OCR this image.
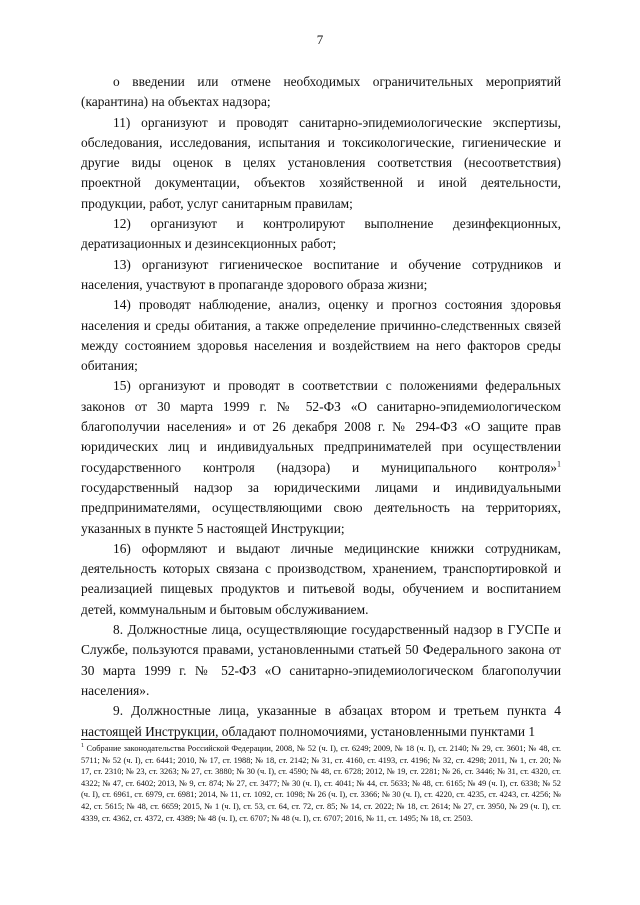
7

о введении или отмене необходимых ограничительных мероприятий (карантина) на объектах надзора;

11) организуют и проводят санитарно-эпидемиологические экспертизы, обследования, исследования, испытания и токсикологические, гигиенические и другие виды оценок в целях установления соответствия (несоответствия) проектной документации, объектов хозяйственной и иной деятельности, продукции, работ, услуг санитарным правилам;

12) организуют и контролируют выполнение дезинфекционных, дератизационных и дезинсекционных работ;

13) организуют гигиеническое воспитание и обучение сотрудников и населения, участвуют в пропаганде здорового образа жизни;

14) проводят наблюдение, анализ, оценку и прогноз состояния здоровья населения и среды обитания, а также определение причинно-следственных связей между состоянием здоровья населения и воздействием на него факторов среды обитания;

15) организуют и проводят в соответствии с положениями федеральных законов от 30 марта 1999 г. № 52-ФЗ «О санитарно-эпидемиологическом благополучии населения» и от 26 декабря 2008 г. № 294-ФЗ «О защите прав юридических лиц и индивидуальных предпринимателей при осуществлении государственного контроля (надзора) и муниципального контроля»$^1$ государственный надзор за юридическими лицами и индивидуальными предпринимателями, осуществляющими свою деятельность на территориях, указанных в пункте 5 настоящей Инструкции;

16) оформляют и выдают личные медицинские книжки сотрудникам, деятельность которых связана с производством, хранением, транспортировкой и реализацией пищевых продуктов и питьевой воды, обучением и воспитанием детей, коммунальным и бытовым обслуживанием.

8. Должностные лица, осуществляющие государственный надзор в ГУСПе и Службе, пользуются правами, установленными статьей 50 Федерального закона от 30 марта 1999 г. № 52-ФЗ «О санитарно-эпидемиологическом благополучии населения».

9. Должностные лица, указанные в абзацах втором и третьем пункта 4 настоящей Инструкции, обладают полномочиями, установленными пунктами 1

$^1$ Собрание законодательства Российской Федерации, 2008, № 52 (ч. I), ст. 6249; 2009, № 18 (ч. I), ст. 2140; № 29, ст. 3601; № 48, ст. 5711; № 52 (ч. I), ст. 6441; 2010, № 17, ст. 1988; № 18, ст. 2142; № 31, ст. 4160, ст. 4193, ст. 4196; № 32, ст. 4298; 2011, № 1, ст. 20; № 17, ст. 2310; № 23, ст. 3263; № 27, ст. 3880; № 30 (ч. I), ст. 4590; № 48, ст. 6728; 2012, № 19, ст. 2281; № 26, ст. 3446; № 31, ст. 4320, ст. 4322; № 47, ст. 6402; 2013, № 9, ст. 874; № 27, ст. 3477; № 30 (ч. I), ст. 4041; № 44, ст. 5633; № 48, ст. 6165; № 49 (ч. I), ст. 6338; № 52 (ч. I), ст. 6961, ст. 6979, ст. 6981; 2014, № 11, ст. 1092, ст. 1098; № 26 (ч. I), ст. 3366; № 30 (ч. I), ст. 4220, ст. 4235, ст. 4243, ст. 4256; № 42, ст. 5615; № 48, ст. 6659; 2015, № 1 (ч. I), ст. 53, ст. 64, ст. 72, ст. 85; № 14, ст. 2022; № 18, ст. 2614; № 27, ст. 3950, № 29 (ч. I), ст. 4339, ст. 4362, ст. 4372, ст. 4389; № 48 (ч. I), ст. 6707; № 48 (ч. I), ст. 6707; 2016, № 11, ст. 1495; № 18, ст. 2503.
